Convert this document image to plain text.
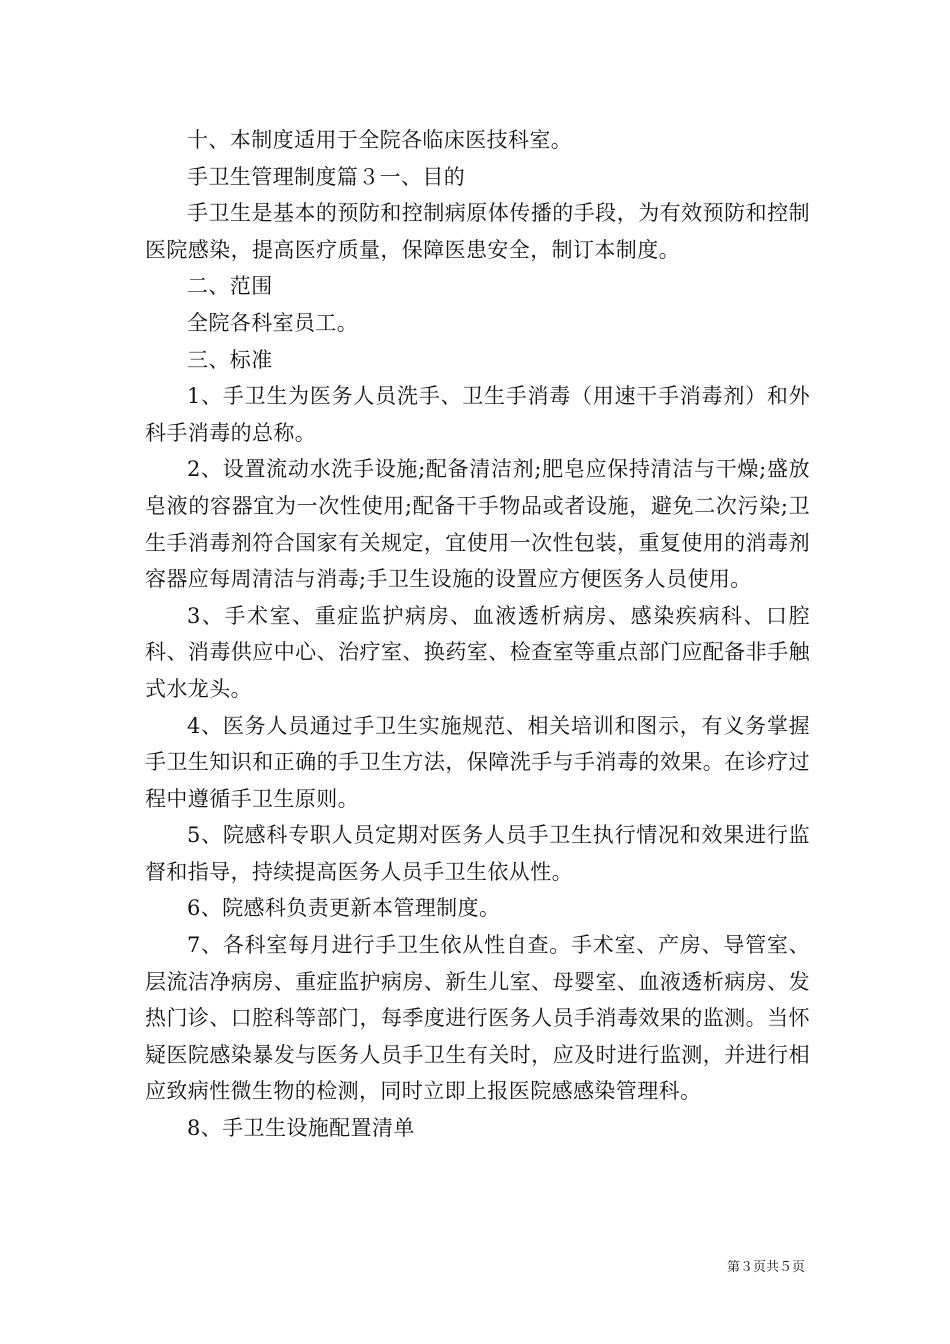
十、本制度适用于全院各临床医技科室。

手卫生管理制度篇３一、目的

手卫生是基本的预防和控制病原体传播的手段，为有效预防和控制医院感染，提高医疗质量，保障医患安全，制订本制度。

二、范围

全院各科室员工。

三、标准

1、手卫生为医务人员洗手、卫生手消毒（用速干手消毒剂）和外科手消毒的总称。

2、设置流动水洗手设施;配备清洁剂;肥皂应保持清洁与干燥;盛放皂液的容器宜为一次性使用;配备干手物品或者设施，避免二次污染;卫生手消毒剂符合国家有关规定，宜使用一次性包装，重复使用的消毒剂容器应每周清洁与消毒;手卫生设施的设置应方便医务人员使用。

3、手术室、重症监护病房、血液透析病房、感染疾病科、口腔科、消毒供应中心、治疗室、换药室、检查室等重点部门应配备非手触式水龙头。

4、医务人员通过手卫生实施规范、相关培训和图示，有义务掌握手卫生知识和正确的手卫生方法，保障洗手与手消毒的效果。在诊疗过程中遵循手卫生原则。

5、院感科专职人员定期对医务人员手卫生执行情况和效果进行监督和指导，持续提高医务人员手卫生依从性。

6、院感科负责更新本管理制度。

7、各科室每月进行手卫生依从性自查。手术室、产房、导管室、层流洁净病房、重症监护病房、新生儿室、母婴室、血液透析病房、发热门诊、口腔科等部门，每季度进行医务人员手消毒效果的监测。当怀疑医院感染暴发与医务人员手卫生有关时，应及时进行监测，并进行相应致病性微生物的检测，同时立即上报医院感感染管理科。

8、手卫生设施配置清单

第３页共５页
